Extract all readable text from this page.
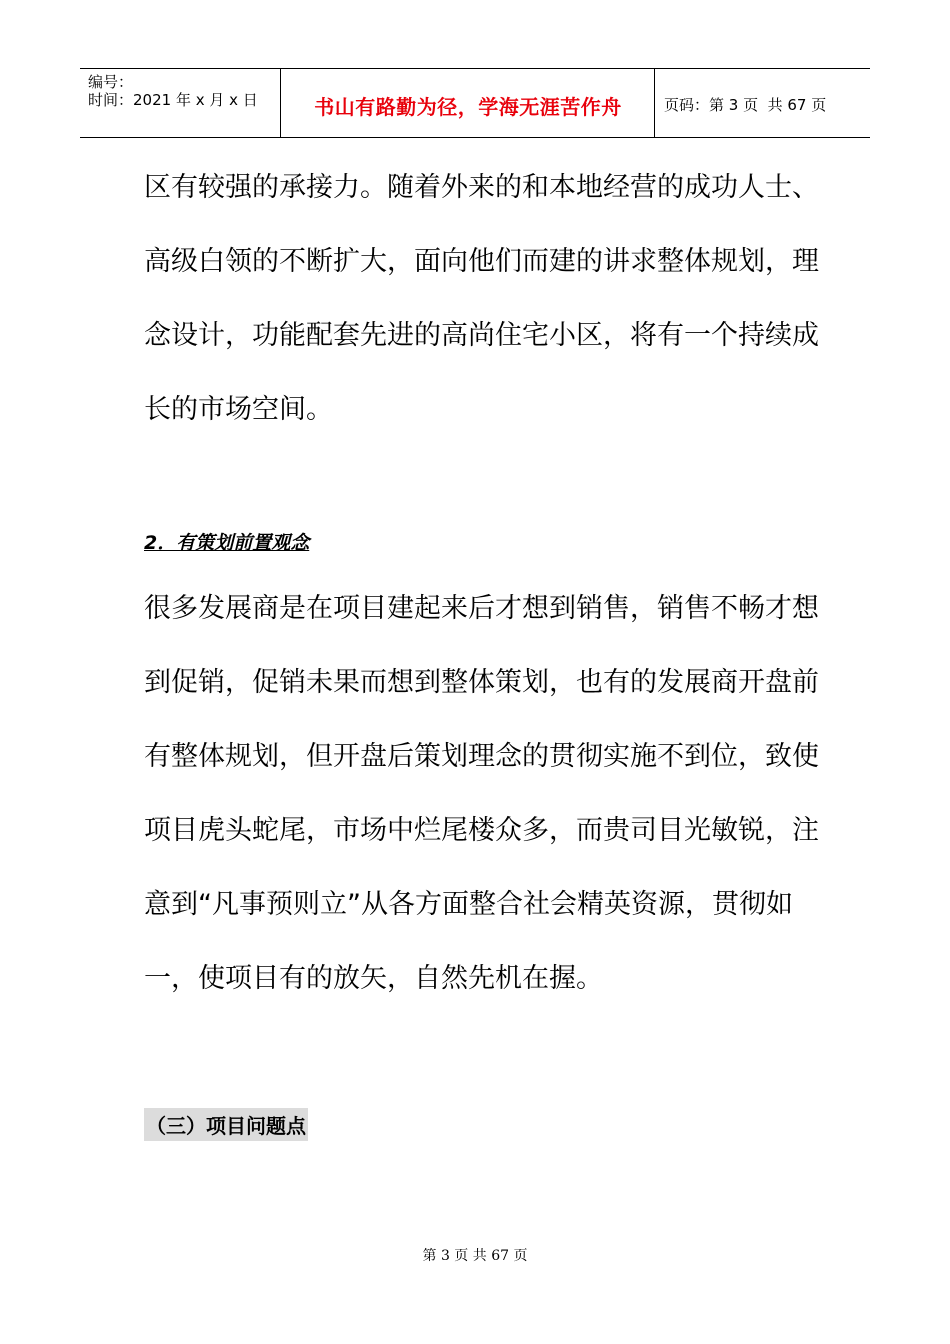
编号：
时间：2021 年 x 月 x 日	书山有路勤为径，学海无涯苦作舟	页码：第 3 页  共 67 页

区有较强的承接力。随着外来的和本地经营的成功人士、高级白领的不断扩大，面向他们而建的讲求整体规划，理念设计，功能配套先进的高尚住宅小区，将有一个持续成长的市场空间。

2．有策划前置观念

很多发展商是在项目建起来后才想到销售，销售不畅才想到促销，促销未果而想到整体策划，也有的发展商开盘前有整体规划，但开盘后策划理念的贯彻实施不到位，致使项目虎头蛇尾，市场中烂尾楼众多，而贵司目光敏锐，注意到“凡事预则立”从各方面整合社会精英资源，贯彻如一，使项目有的放矢，自然先机在握。

（三）项目问题点

第 3 页 共 67 页
